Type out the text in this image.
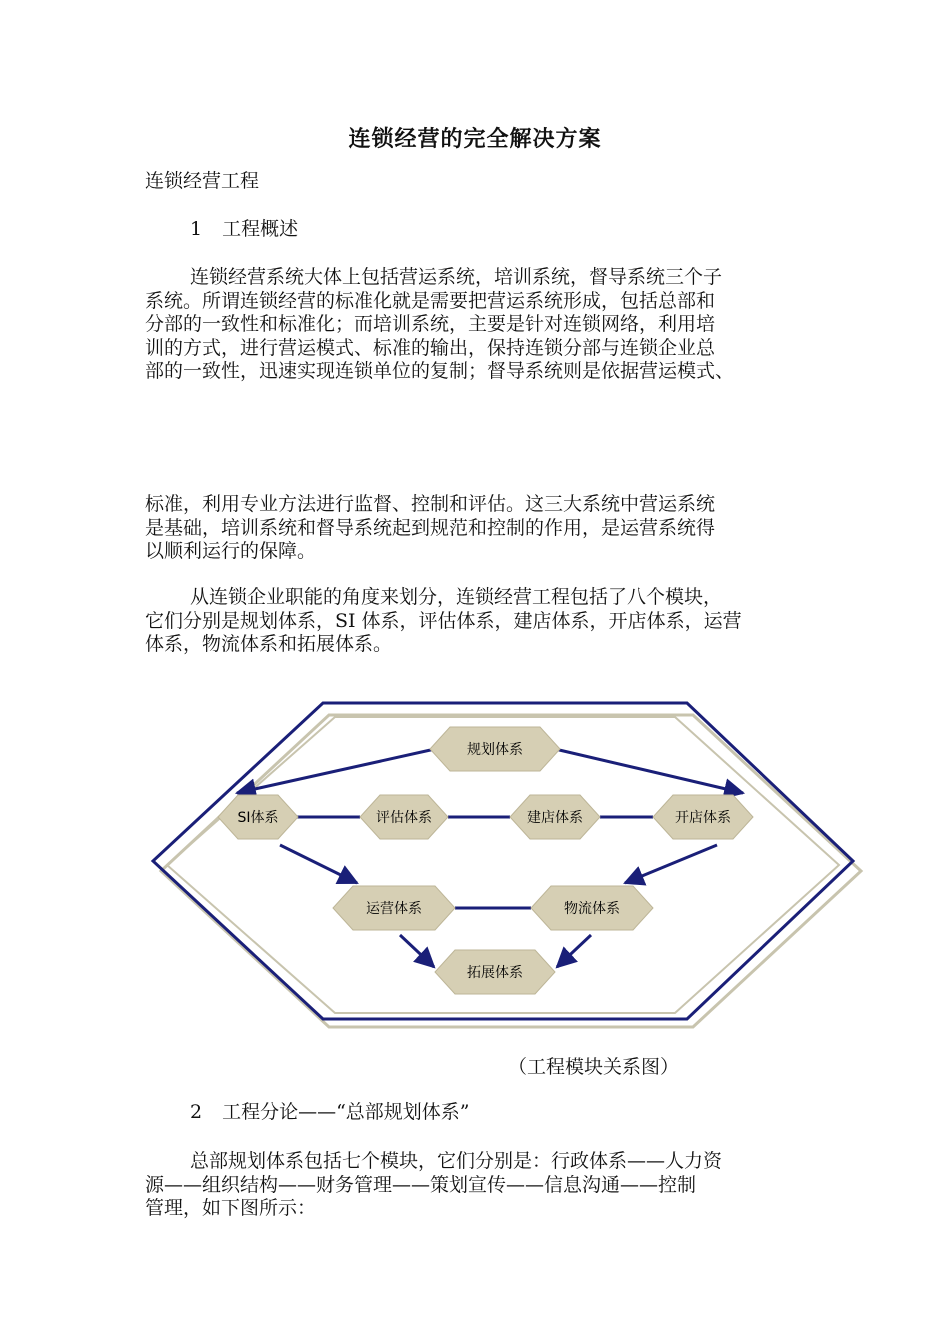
连锁经营的完全解决方案
连锁经营工程
1 工程概述
连锁经营系统大体上包括营运系统，培训系统，督导系统三个子
系统。所谓连锁经营的标准化就是需要把营运系统形成，包括总部和
分部的一致性和标准化；而培训系统，主要是针对连锁网络，利用培
训的方式，进行营运模式、标准的输出，保持连锁分部与连锁企业总
部的一致性，迅速实现连锁单位的复制；督导系统则是依据营运模式、
标准，利用专业方法进行监督、控制和评估。这三大系统中营运系统
是基础，培训系统和督导系统起到规范和控制的作用，是运营系统得
以顺利运行的保障。
从连锁企业职能的角度来划分，连锁经营工程包括了八个模块，
它们分别是规划体系，SI 体系，评估体系，建店体系，开店体系，运营
体系，物流体系和拓展体系。
规划体系
SI体系	评估体系	建店体系	开店体系
运营体系	物流体系
拓展体系
（工程模块关系图）
2 工程分论——“总部规划体系”
总部规划体系包括七个模块，它们分别是：行政体系——人力资
源——组织结构——财务管理——策划宣传——信息沟通——控制
管理，如下图所示：
